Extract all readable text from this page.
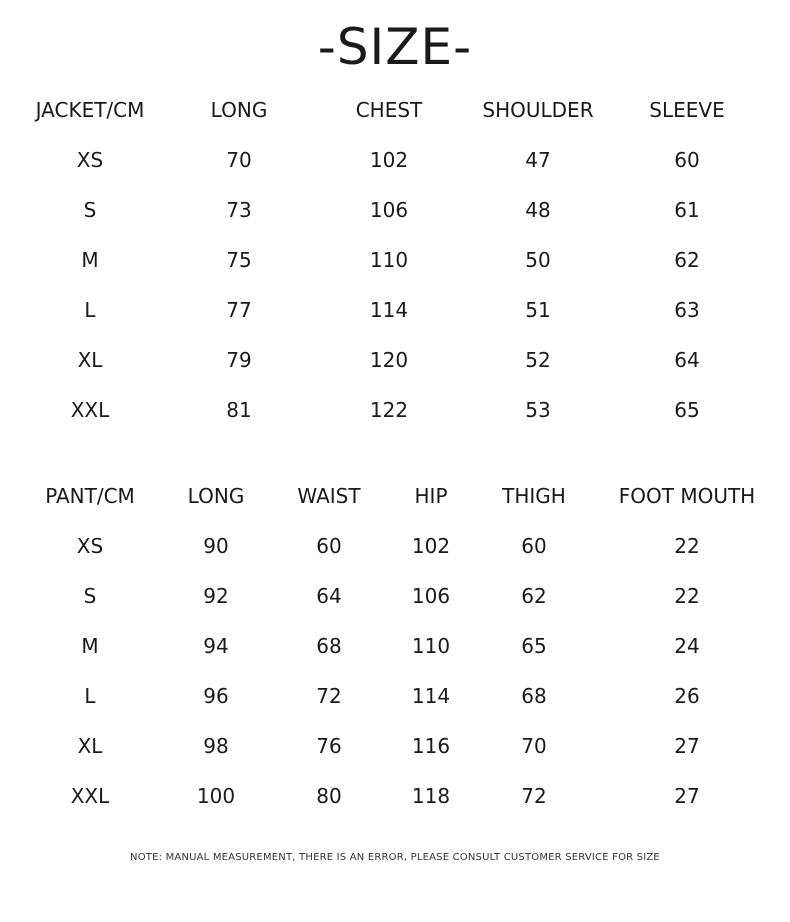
-SIZE-
JACKET/CM	LONG	CHEST	SHOULDER	SLEEVE
XS	70	102	47	60
S	73	106	48	61
M	75	110	50	62
L	77	114	51	63
XL	79	120	52	64
XXL	81	122	53	65
PANT/CM	LONG	WAIST	HIP	THIGH	FOOT MOUTH
XS	90	60	102	60	22
S	92	64	106	62	22
M	94	68	110	65	24
L	96	72	114	68	26
XL	98	76	116	70	27
XXL	100	80	118	72	27
NOTE: MANUAL MEASUREMENT, THERE IS AN ERROR, PLEASE CONSULT CUSTOMER SERVICE FOR SIZE
